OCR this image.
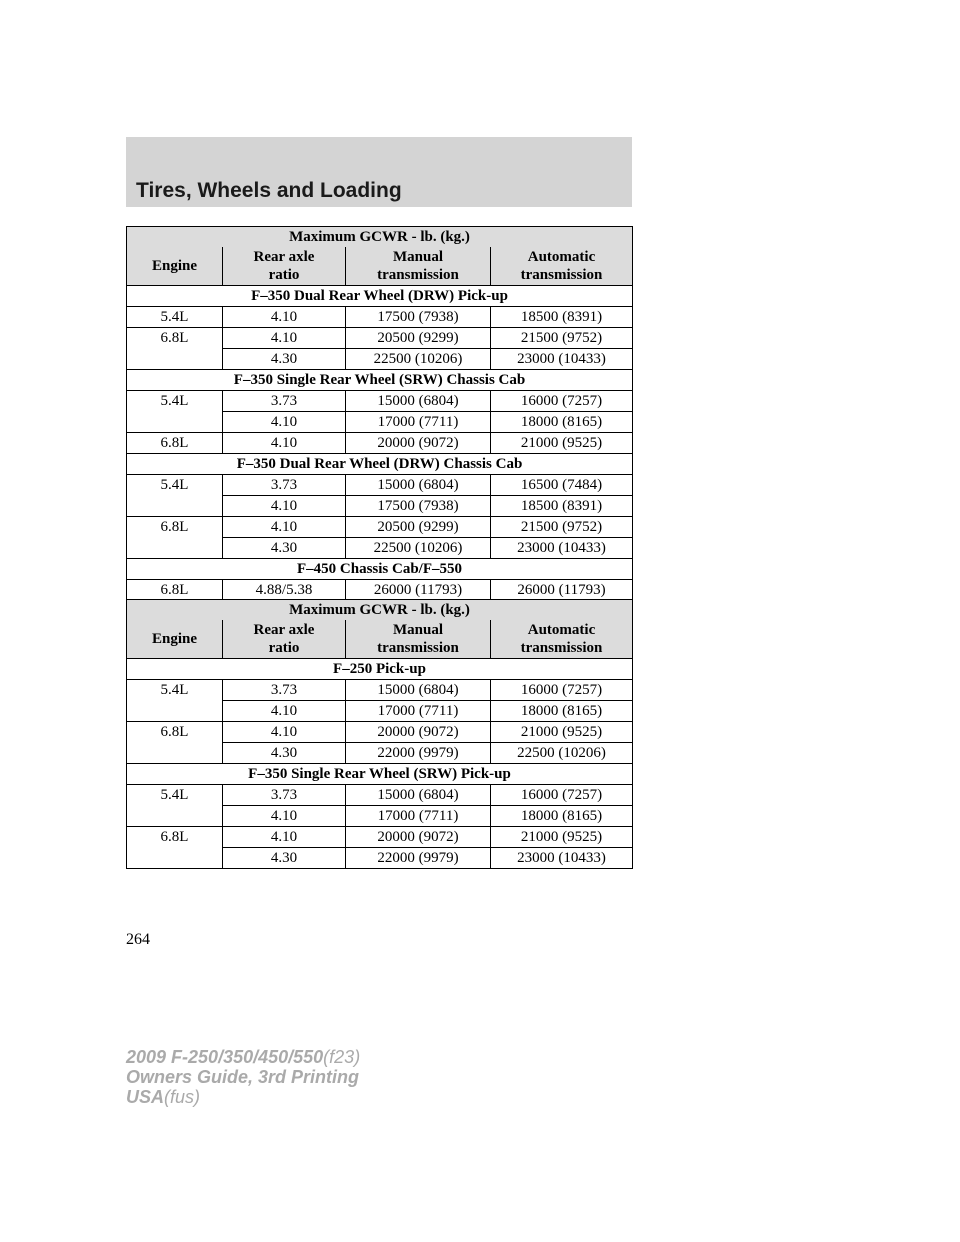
Tires, Wheels and Loading
Maximum GCWR - lb. (kg.)			
Engine	Rear axle ratio	Manual transmission	Automatic transmission
F–350 Dual Rear Wheel (DRW) Pick-up			
5.4L	4.10	17500 (7938)	18500 (8391)
6.8L	4.10	20500 (9299)	21500 (9752)
	4.30	22500 (10206)	23000 (10433)
F–350 Single Rear Wheel (SRW) Chassis Cab			
5.4L	3.73	15000 (6804)	16000 (7257)
	4.10	17000 (7711)	18000 (8165)
6.8L	4.10	20000 (9072)	21000 (9525)
F–350 Dual Rear Wheel (DRW) Chassis Cab			
5.4L	3.73	15000 (6804)	16500 (7484)
	4.10	17500 (7938)	18500 (8391)
6.8L	4.10	20500 (9299)	21500 (9752)
	4.30	22500 (10206)	23000 (10433)
F–450 Chassis Cab/F–550			
6.8L	4.88/5.38	26000 (11793)	26000 (11793)
Maximum GCWR - lb. (kg.)			
Engine	Rear axle ratio	Manual transmission	Automatic transmission
F–250 Pick-up			
5.4L	3.73	15000 (6804)	16000 (7257)
	4.10	17000 (7711)	18000 (8165)
6.8L	4.10	20000 (9072)	21000 (9525)
	4.30	22000 (9979)	22500 (10206)
F–350 Single Rear Wheel (SRW) Pick-up			
5.4L	3.73	15000 (6804)	16000 (7257)
	4.10	17000 (7711)	18000 (8165)
6.8L	4.10	20000 (9072)	21000 (9525)
	4.30	22000 (9979)	23000 (10433)
264
2009 F-250/350/450/550(f23)
Owners Guide, 3rd Printing
USA(fus)
